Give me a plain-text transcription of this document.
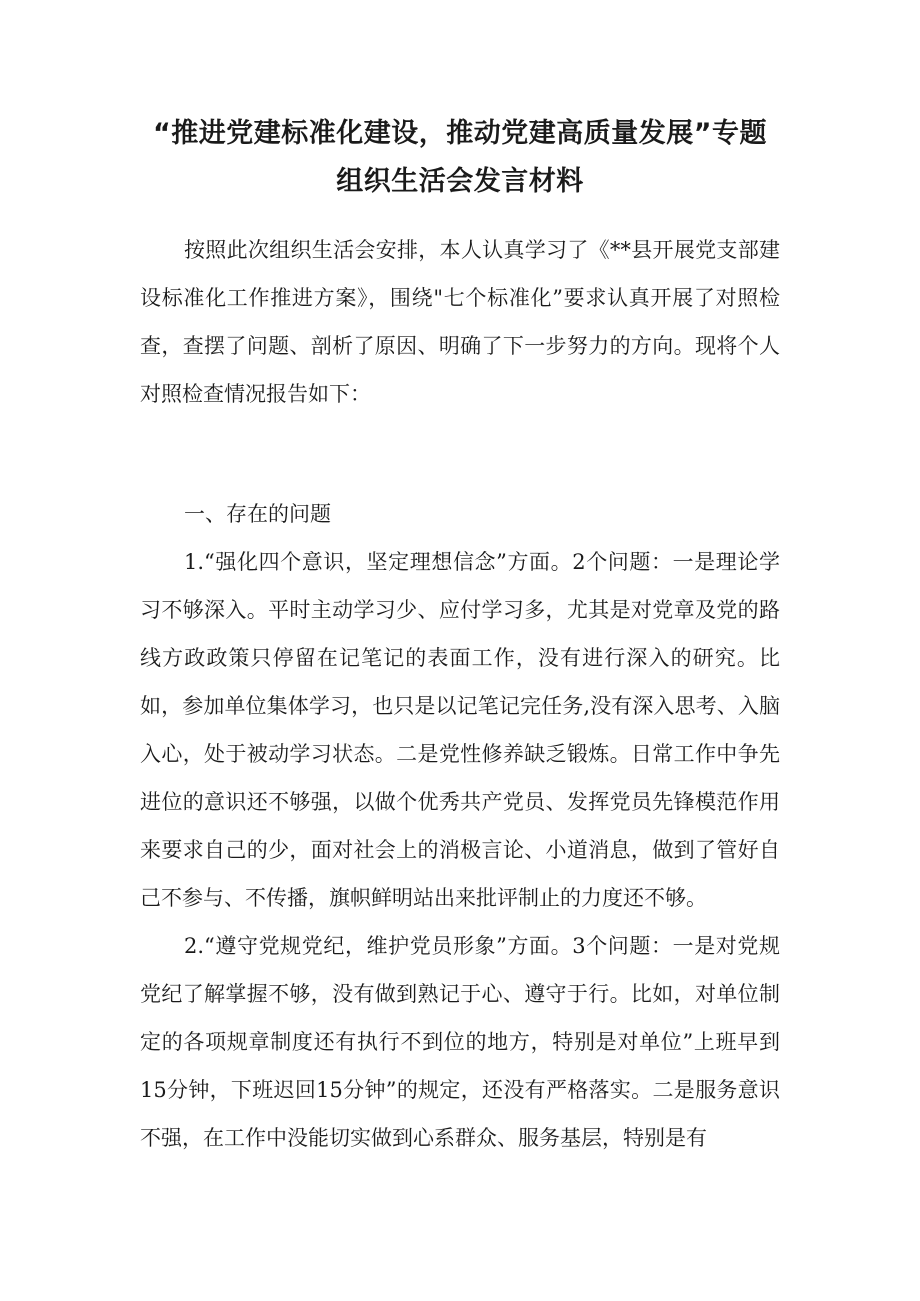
“推进党建标准化建设，推动党建高质量发展”专题组织生活会发言材料

按照此次组织生活会安排，本人认真学习了《**县开展党支部建设标准化工作推进方案》，围绕"七个标准化”要求认真开展了对照检查，查摆了问题、剖析了原因、明确了下一步努力的方向。现将个人对照检查情况报告如下：

一、存在的问题

1.“强化四个意识，坚定理想信念”方面。2个问题：一是理论学习不够深入。平时主动学习少、应付学习多，尤其是对党章及党的路线方政政策只停留在记笔记的表面工作，没有进行深入的研究。比如，参加单位集体学习，也只是以记笔记完任务,没有深入思考、入脑入心，处于被动学习状态。二是党性修养缺乏锻炼。日常工作中争先进位的意识还不够强，以做个优秀共产党员、发挥党员先锋模范作用来要求自己的少，面对社会上的消极言论、小道消息，做到了管好自己不参与、不传播，旗帜鲜明站出来批评制止的力度还不够。

2.“遵守党规党纪，维护党员形象”方面。3个问题：一是对党规党纪了解掌握不够，没有做到熟记于心、遵守于行。比如，对单位制定的各项规章制度还有执行不到位的地方，特别是对单位”上班早到15分钟，下班迟回15分钟”的规定，还没有严格落实。二是服务意识不强，在工作中没能切实做到心系群众、服务基层，特别是有
